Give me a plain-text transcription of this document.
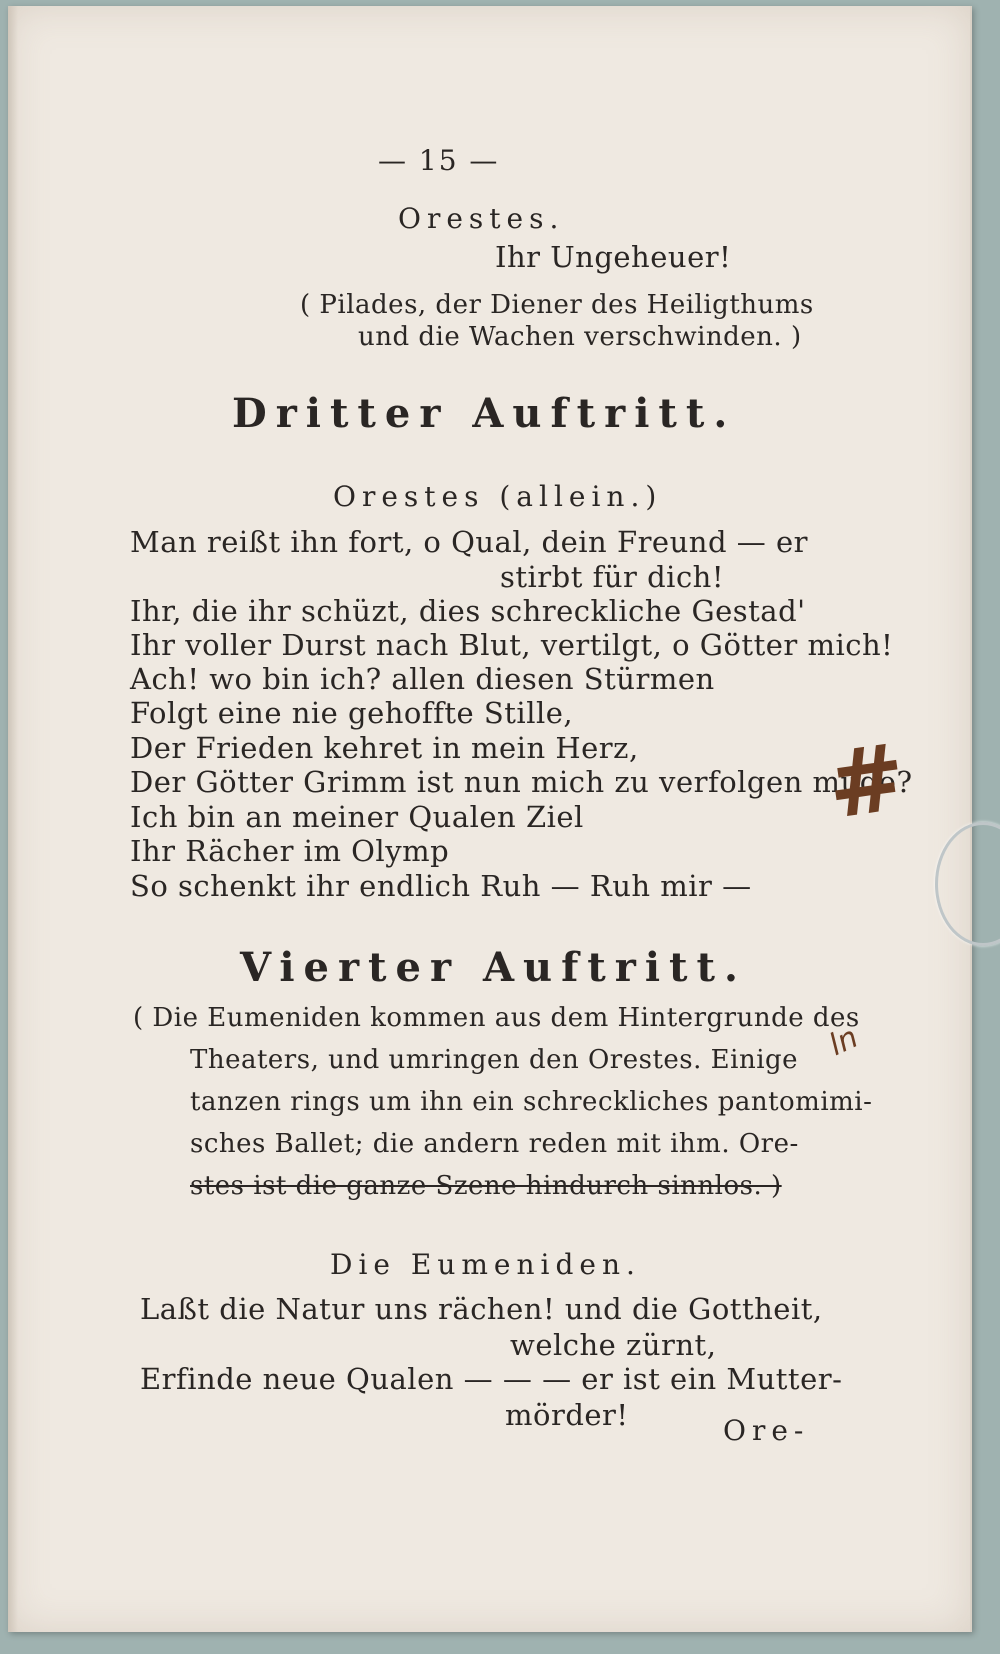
— 15 —
Orestes.
Ihr Ungeheuer!
( Pilades, der Diener des Heiligthums
und die Wachen verschwinden. )
Dritter Auftritt.
Orestes (allein.)
Man reißt ihn fort, o Qual, dein Freund — er
stirbt für dich!
Ihr, die ihr schüzt, dies schreckliche Gestad'
Ihr voller Durst nach Blut, vertilgt, o Götter mich!
Ach! wo bin ich? allen diesen Stürmen
Folgt eine nie gehoffte Stille,
Der Frieden kehret in mein Herz,
Der Götter Grimm ist nun mich zu verfolgen müde?
Ich bin an meiner Qualen Ziel
Ihr Rächer im Olymp
So schenkt ihr endlich Ruh — Ruh mir —
Vierter Auftritt.
( Die Eumeniden kommen aus dem Hintergrunde des
Theaters, und umringen den Orestes. Einige
tanzen rings um ihn ein schreckliches pantomimi-
sches Ballet; die andern reden mit ihm. Ore-
stes ist die ganze Szene hindurch sinnlos. )
Die Eumeniden.
Laßt die Natur uns rächen! und die Gottheit,
welche zürnt,
Erfinde neue Qualen — — — er ist ein Mutter-
mörder!	Ore-
#
ln
